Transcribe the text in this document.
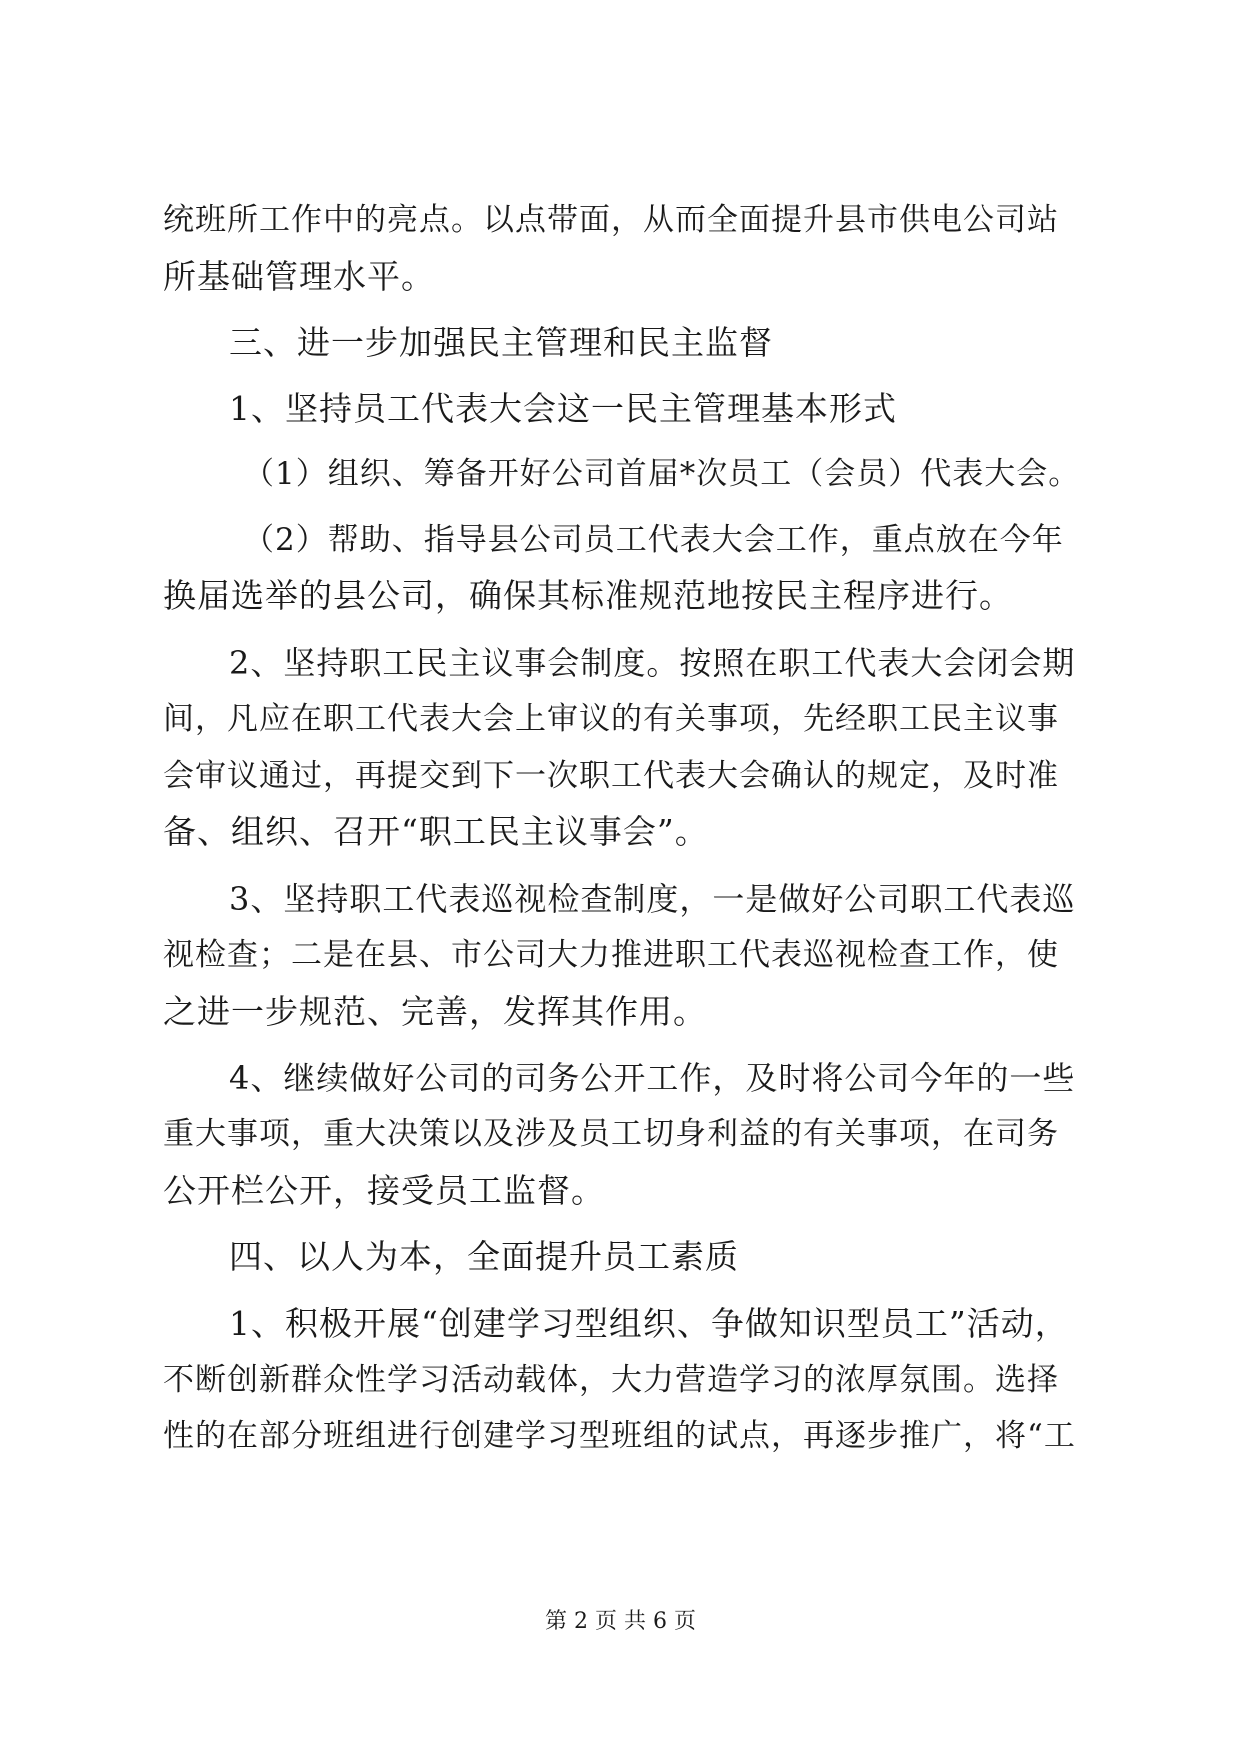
统班所工作中的亮点。以点带面，从而全面提升县市供电公司站
所基础管理水平。
三、进一步加强民主管理和民主监督
1、坚持员工代表大会这一民主管理基本形式
（1）组织、筹备开好公司首届*次员工（会员）代表大会。
（2）帮助、指导县公司员工代表大会工作，重点放在今年
换届选举的县公司，确保其标准规范地按民主程序进行。
2、坚持职工民主议事会制度。按照在职工代表大会闭会期
间，凡应在职工代表大会上审议的有关事项，先经职工民主议事
会审议通过，再提交到下一次职工代表大会确认的规定，及时准
备、组织、召开“职工民主议事会”。
3、坚持职工代表巡视检查制度，一是做好公司职工代表巡
视检查；二是在县、市公司大力推进职工代表巡视检查工作，使
之进一步规范、完善，发挥其作用。
4、继续做好公司的司务公开工作，及时将公司今年的一些
重大事项，重大决策以及涉及员工切身利益的有关事项，在司务
公开栏公开，接受员工监督。
四、以人为本，全面提升员工素质
1、积极开展“创建学习型组织、争做知识型员工”活动，
不断创新群众性学习活动载体，大力营造学习的浓厚氛围。选择
性的在部分班组进行创建学习型班组的试点，再逐步推广，将“工
第 2 页 共 6 页
